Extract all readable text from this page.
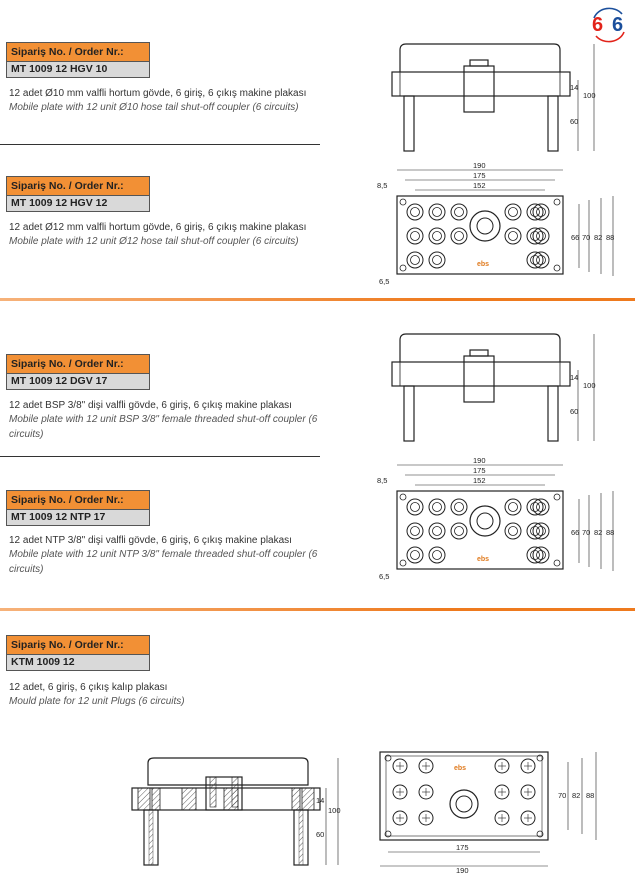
6 6
Sipariş No. / Order Nr.:
MT 1009 12 HGV 10
12 adet Ø10 mm valfli hortum gövde, 6 giriş, 6 çıkış makine plakası
Mobile plate with 12 unit Ø10 hose tail shut-off coupler (6 circuits)
Sipariş No. / Order Nr.:
MT 1009 12 HGV 12
12 adet Ø12 mm valfli hortum gövde, 6 giriş, 6 çıkış makine plakası
Mobile plate with 12 unit Ø12 hose tail shut-off coupler (6 circuits)
Sipariş No. / Order Nr.:
MT 1009 12 DGV 17
12 adet BSP 3/8" dişi valfli gövde, 6 giriş, 6 çıkış makine plakası
Mobile plate with 12 unit BSP 3/8" female threaded shut-off coupler (6 circuits)
Sipariş No. / Order Nr.:
MT 1009 12 NTP 17
12 adet NTP 3/8" dişi valfli gövde, 6 giriş, 6 çıkış makine plakası
Mobile plate with 12 unit NTP 3/8" female threaded shut-off coupler (6 circuits)
Sipariş No. / Order Nr.:
KTM 1009 12
12 adet, 6 giriş, 6 çıkış kalıp plakası
Mould plate for 12 unit Plugs (6 circuits)
14
100
60
14
100
60
190
175
152
8,5
6,5
ebs
66 70 82 88
190
175
152
8,5
6,5
ebs
66 70 82 88
14
100
60
ebs
70 82 88
175
190
